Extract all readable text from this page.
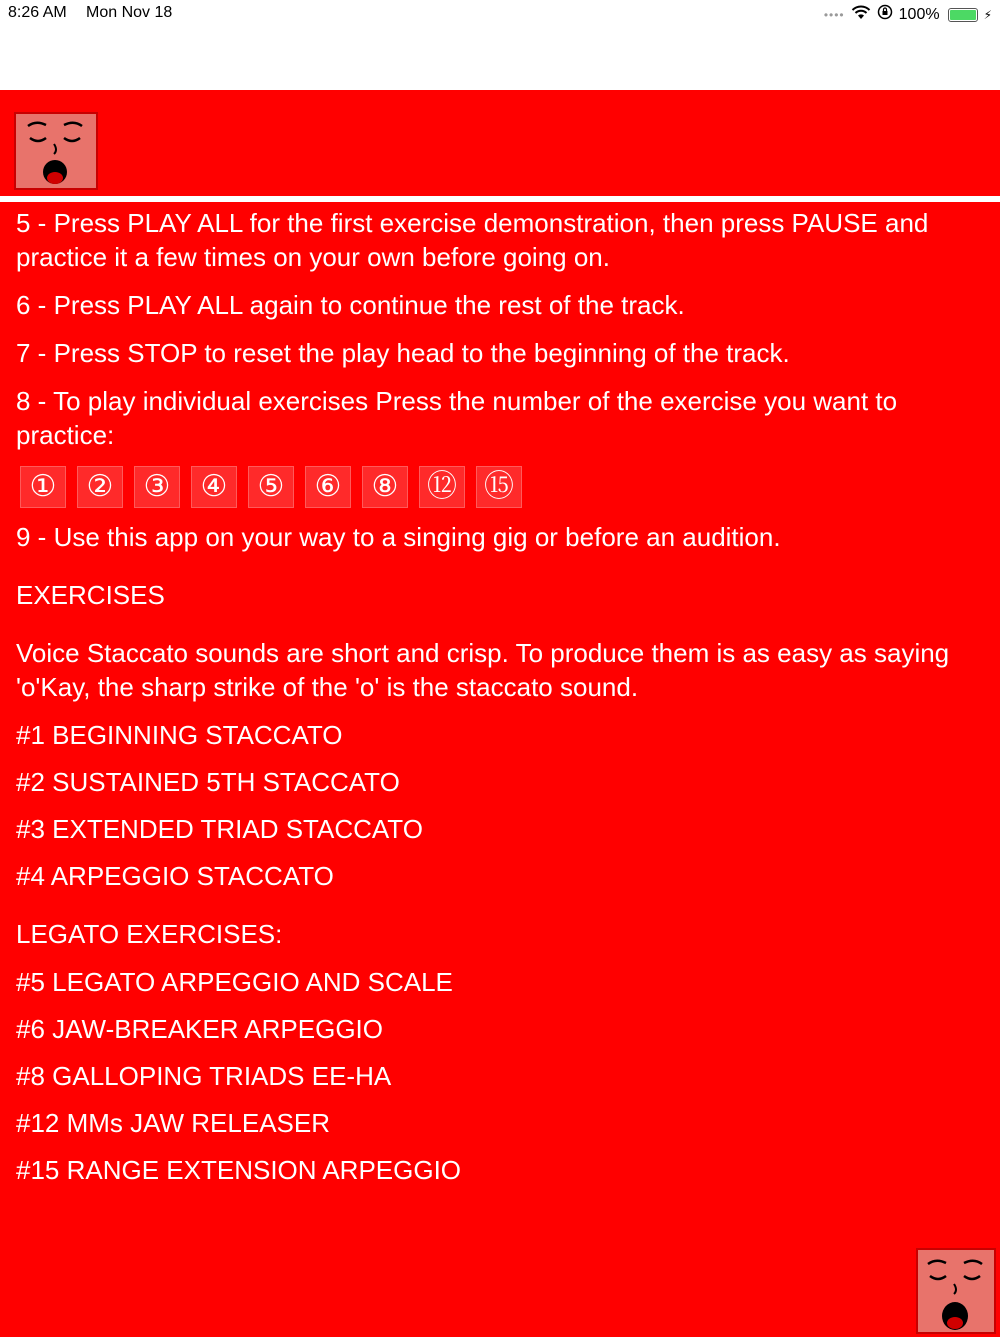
8:26 AM Mon Nov 18	••••	100%	⚡

5 - Press PLAY ALL for the first exercise demonstration, then press PAUSE and practice it a few times on your own before going on.

6 - Press PLAY ALL again to continue the rest of the track.

7 - Press STOP to reset the play head to the beginning of the track.

8 - To play individual exercises Press the number of the exercise you want to practice:

①	②	③	④	⑤	⑥	⑧ ⑫ ⑮

9 - Use this app on your way to a singing gig or before an audition.

EXERCISES

Voice Staccato sounds are short and crisp. To produce them is as easy as saying 'o'Kay, the sharp strike of the 'o' is the staccato sound.

#1 BEGINNING STACCATO

#2 SUSTAINED 5TH STACCATO

#3 EXTENDED TRIAD STACCATO

#4 ARPEGGIO STACCATO

LEGATO EXERCISES:

#5 LEGATO ARPEGGIO AND SCALE

#6 JAW-BREAKER ARPEGGIO

#8 GALLOPING TRIADS EE-HA

#12 MMs JAW RELEASER

#15 RANGE EXTENSION ARPEGGIO
